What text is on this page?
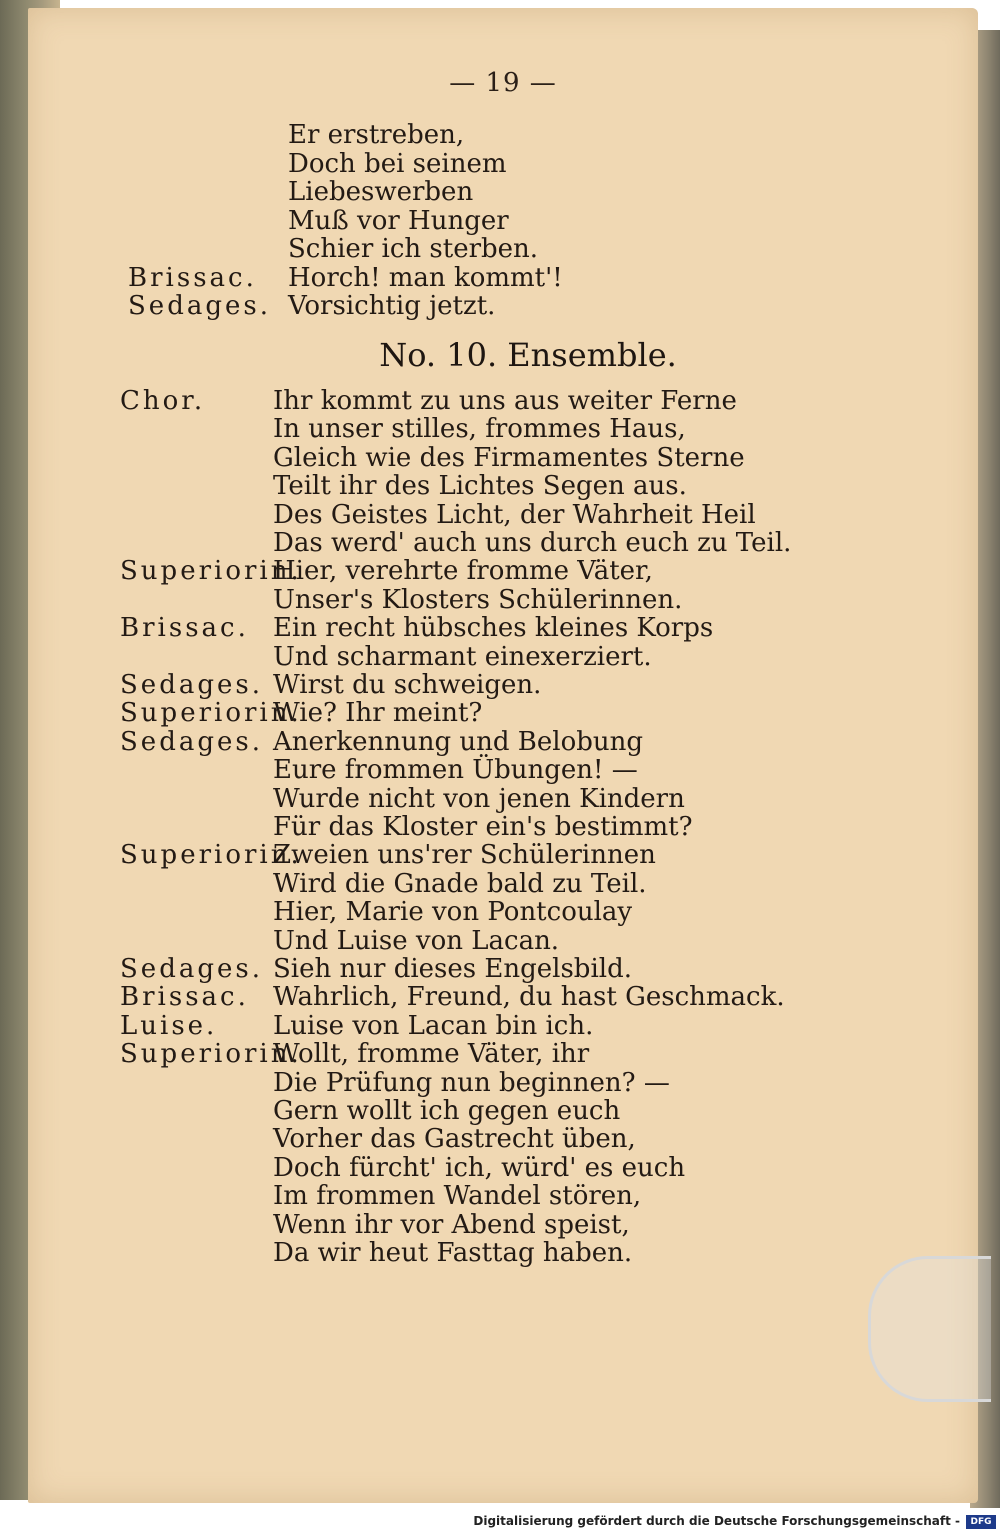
— 19 —
Er erstreben,
Doch bei seinem
Liebeswerben
Muß vor Hunger
Schier ich sterben.
Brissac. Horch! man kommt'!
Sedages. Vorsichtig jetzt.
No. 10. Ensemble.
Chor.	Ihr kommt zu uns aus weiter Ferne
In unser stilles, frommes Haus,
Gleich wie des Firmamentes Sterne
Teilt ihr des Lichtes Segen aus.
Des Geistes Licht, der Wahrheit Heil
Das werd' auch uns durch euch zu Teil.
Superiorin.
Hier, verehrte fromme Väter,
Unser's Klosters Schülerinnen.
Brissac. Ein recht hübsches kleines Korps
Und scharmant einexerziert.
Sedages. Wirst du schweigen.
Superiorin.
Wie? Ihr meint?
Sedages. Anerkennung und Belobung
Eure frommen Übungen! —
Wurde nicht von jenen Kindern
Für das Kloster ein's bestimmt?
Superiorin.
Zweien uns'rer Schülerinnen
Wird die Gnade bald zu Teil.
Hier, Marie von Pontcoulay
Und Luise von Lacan.
Sedages. Sieh nur dieses Engelsbild.
Brissac. Wahrlich, Freund, du hast Geschmack.
Luise. Luise von Lacan bin ich.
Superiorin.
Wollt, fromme Väter, ihr
Die Prüfung nun beginnen? —
Gern wollt ich gegen euch
Vorher das Gastrecht üben,
Doch fürcht' ich, würd' es euch
Im frommen Wandel stören,
Wenn ihr vor Abend speist,
Da wir heut Fasttag haben.
Digitalisierung gefördert durch die Deutsche Forschungsgemeinschaft -	DFG
